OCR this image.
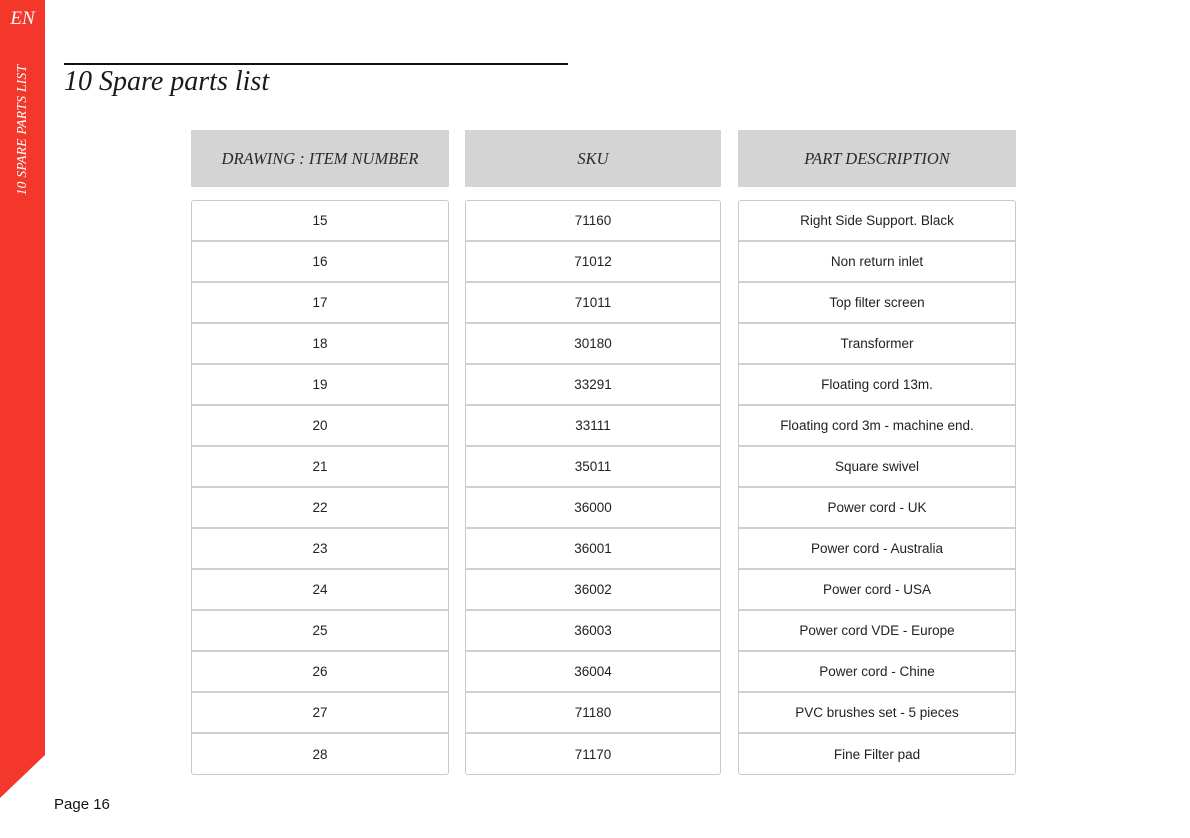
EN
10 SPARE PARTS LIST 10 Spare parts list
DRAWING : ITEM NUMBER
15
16
17
18
19
20
21
22
23
24
25
26
27
28
SKU
71160
71012
71011
30180
33291
33111
35011
36000
36001
36002
36003
36004
71180
71170
PART DESCRIPTION
Right Side Support. Black
Non return inlet
Top filter screen
Transformer
Floating cord 13m.
Floating cord 3m - machine end.
Square swivel
Power cord - UK
Power cord - Australia
Power cord - USA
Power cord VDE - Europe
Power cord - Chine
PVC brushes set - 5 pieces
Fine Filter pad
Page 16
